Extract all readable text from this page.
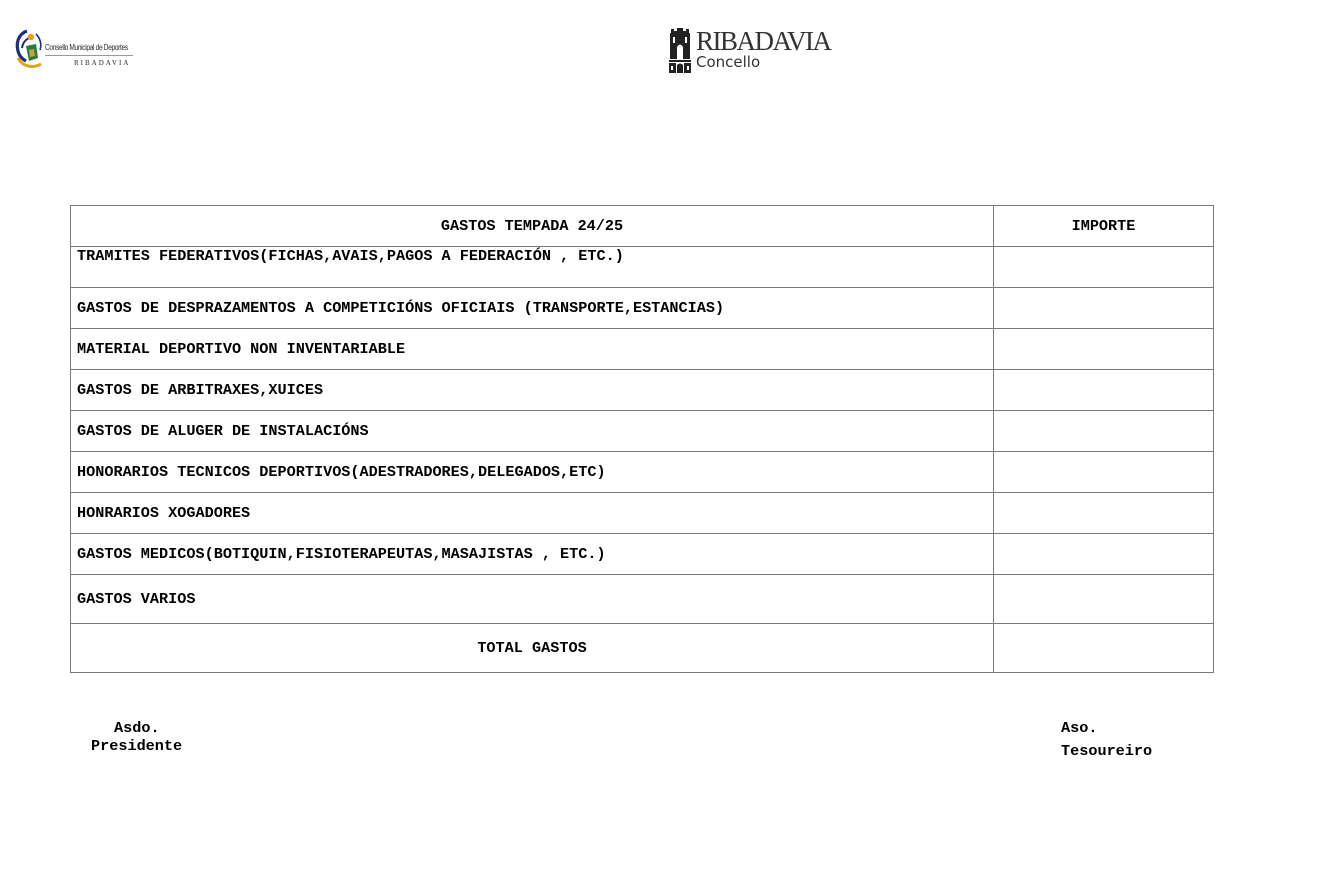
Consello Municipal de Deportes
RIBADAVIA
RIBADAVIA
Concello
GASTOS TEMPADA 24/25	IMPORTE
TRAMITES FEDERATIVOS(FICHAS,AVAIS,PAGOS A FEDERACIÓN , ETC.)	
GASTOS DE DESPRAZAMENTOS A COMPETICIÓNS OFICIAIS (TRANSPORTE,ESTANCIAS)	
MATERIAL DEPORTIVO NON INVENTARIABLE	
GASTOS DE ARBITRAXES,XUICES	
GASTOS DE ALUGER DE INSTALACIÓNS	
HONORARIOS TECNICOS DEPORTIVOS(ADESTRADORES,DELEGADOS,ETC)	
HONRARIOS XOGADORES	
GASTOS MEDICOS(BOTIQUIN,FISIOTERAPEUTAS,MASAJISTAS , ETC.)	
GASTOS VARIOS	
TOTAL GASTOS	
Asdo.
Presidente
Aso.
Tesoureiro
